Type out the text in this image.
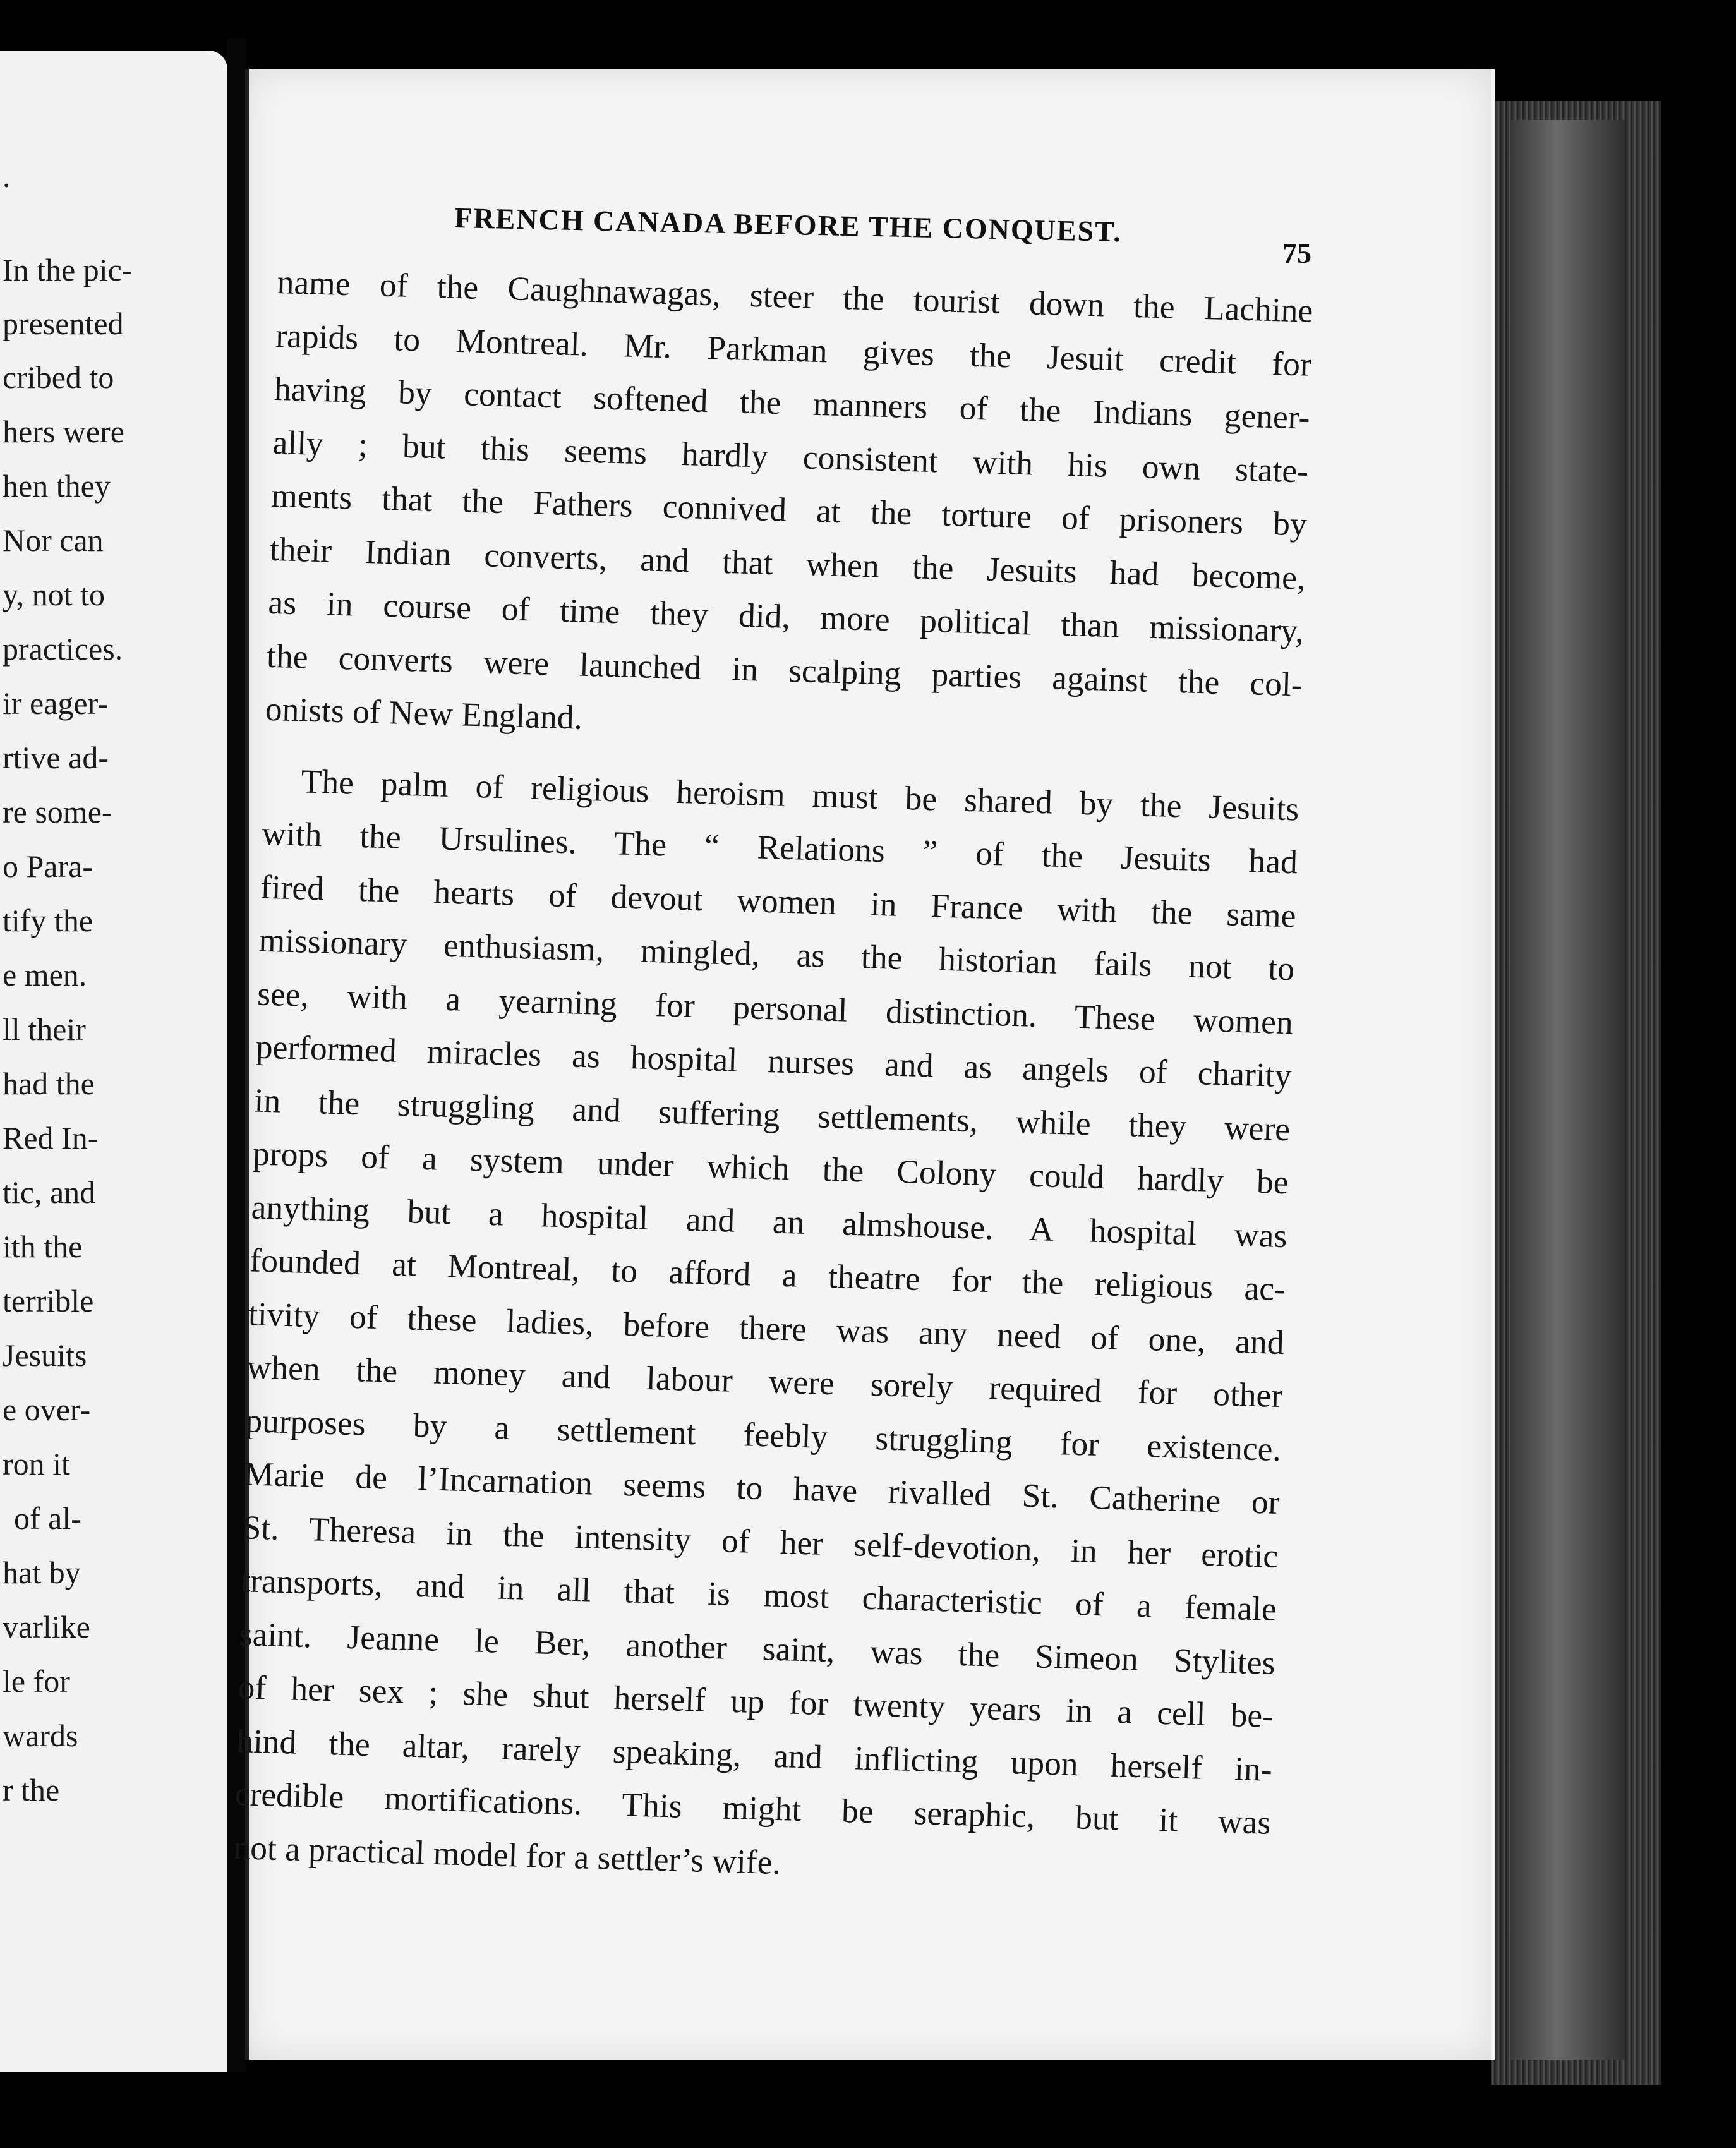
.
In the pic-
presented
cribed to
hers were
hen they
Nor can
y, not to
practices.
ir eager-
rtive ad-
re some-
o Para-
tify the
e men.
ll their
had the
Red In-
tic, and
ith the
terrible
Jesuits
e over-
ron it
of al-
hat by
varlike
le for
wards
r the
FRENCH CANADA BEFORE THE CONQUEST.
75
name of the Caughnawagas, steer the tourist down the Lachine
rapids to Montreal. Mr. Parkman gives the Jesuit credit for
having by contact softened the manners of the Indians gener-
ally ; but this seems hardly consistent with his own state-
ments that the Fathers connived at the torture of prisoners by
their Indian converts, and that when the Jesuits had become,
as in course of time they did, more political than missionary,
the converts were launched in scalping parties against the col-
onists of New England.
The palm of religious heroism must be shared by the Jesuits
with the Ursulines. The “ Relations ” of the Jesuits had
fired the hearts of devout women in France with the same
missionary enthusiasm, mingled, as the historian fails not to
see, with a yearning for personal distinction. These women
performed miracles as hospital nurses and as angels of charity
in the struggling and suffering settlements, while they were
props of a system under which the Colony could hardly be
anything but a hospital and an almshouse. A hospital was
founded at Montreal, to afford a theatre for the religious ac-
tivity of these ladies, before there was any need of one, and
when the money and labour were sorely required for other
purposes by a settlement feebly struggling for existence.
Marie de l’Incarnation seems to have rivalled St. Catherine or
St. Theresa in the intensity of her self-devotion, in her erotic
transports, and in all that is most characteristic of a female
saint. Jeanne le Ber, another saint, was the Simeon Stylites
of her sex ; she shut herself up for twenty years in a cell be-
hind the altar, rarely speaking, and inflicting upon herself in-
credible mortifications. This might be seraphic, but it was
not a practical model for a settler’s wife.
